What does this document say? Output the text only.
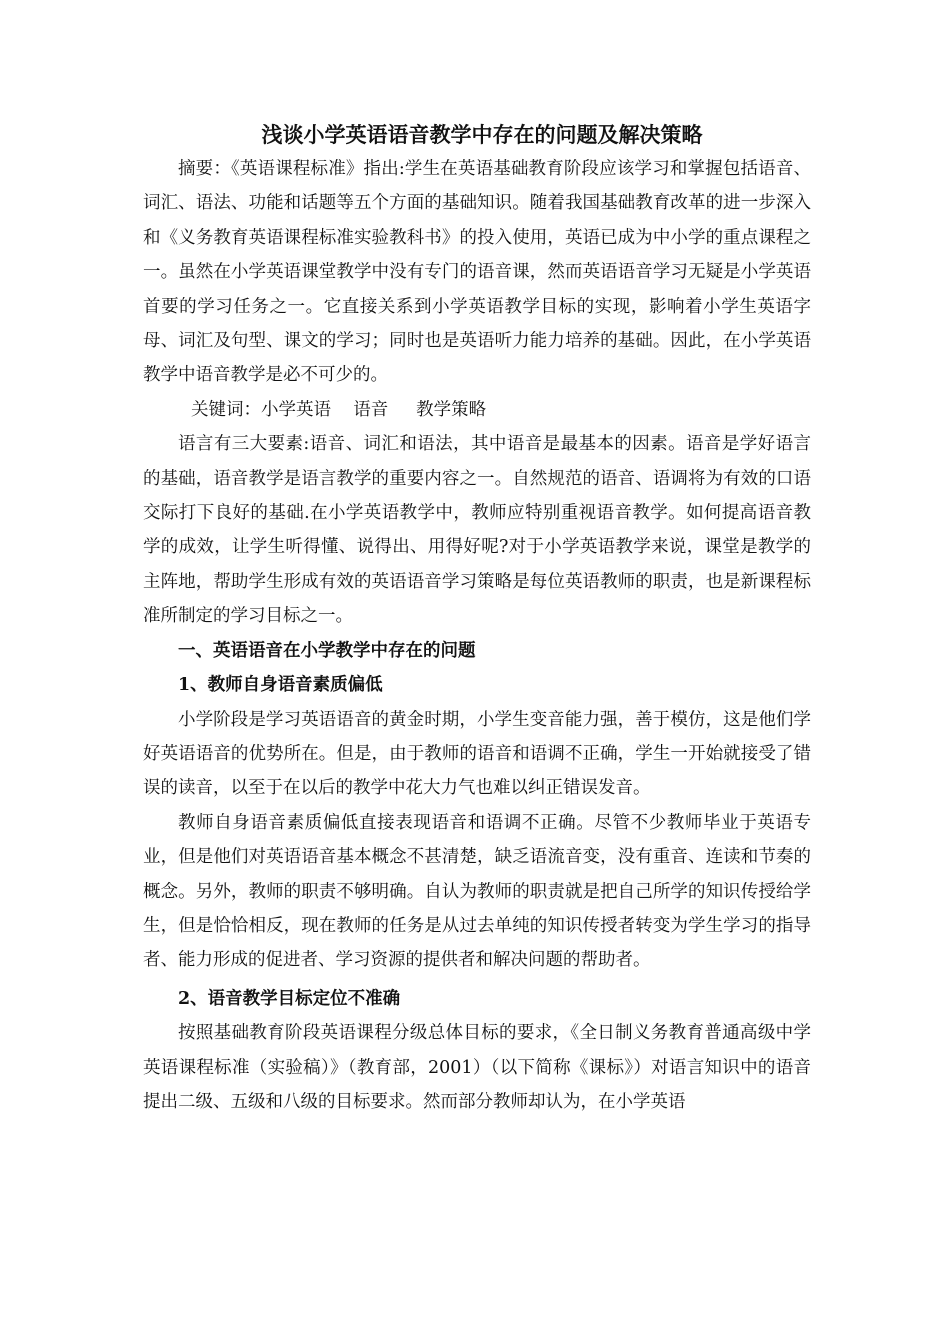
浅谈小学英语语音教学中存在的问题及解决策略

摘要：《英语课程标准》指出:学生在英语基础教育阶段应该学习和掌握包括语音、词汇、语法、功能和话题等五个方面的基础知识。随着我国基础教育改革的进一步深入和《义务教育英语课程标准实验教科书》的投入使用，英语已成为中小学的重点课程之一。虽然在小学英语课堂教学中没有专门的语音课，然而英语语音学习无疑是小学英语首要的学习任务之一。它直接关系到小学英语教学目标的实现，影响着小学生英语字母、词汇及句型、课文的学习；同时也是英语听力能力培养的基础。因此，在小学英语教学中语音教学是必不可少的。

关键词：小学英语    语音     教学策略

语言有三大要素:语音、词汇和语法，其中语音是最基本的因素。语音是学好语言的基础，语音教学是语言教学的重要内容之一。自然规范的语音、语调将为有效的口语交际打下良好的基础.在小学英语教学中，教师应特别重视语音教学。如何提高语音教学的成效，让学生听得懂、说得出、用得好呢?对于小学英语教学来说，课堂是教学的主阵地，帮助学生形成有效的英语语音学习策略是每位英语教师的职责，也是新课程标准所制定的学习目标之一。

一、英语语音在小学教学中存在的问题

1、教师自身语音素质偏低

小学阶段是学习英语语音的黄金时期，小学生变音能力强，善于模仿，这是他们学好英语语音的优势所在。但是，由于教师的语音和语调不正确，学生一开始就接受了错误的读音，以至于在以后的教学中花大力气也难以纠正错误发音。

教师自身语音素质偏低直接表现语音和语调不正确。尽管不少教师毕业于英语专业，但是他们对英语语音基本概念不甚清楚，缺乏语流音变，没有重音、连读和节奏的概念。另外，教师的职责不够明确。自认为教师的职责就是把自己所学的知识传授给学生，但是恰恰相反，现在教师的任务是从过去单纯的知识传授者转变为学生学习的指导者、能力形成的促进者、学习资源的提供者和解决问题的帮助者。

2、语音教学目标定位不准确

按照基础教育阶段英语课程分级总体目标的要求，《全日制义务教育普通高级中学英语课程标准（实验稿）》（教育部，2001）（以下简称《课标》）对语言知识中的语音提出二级、五级和八级的目标要求。然而部分教师却认为，在小学英语
